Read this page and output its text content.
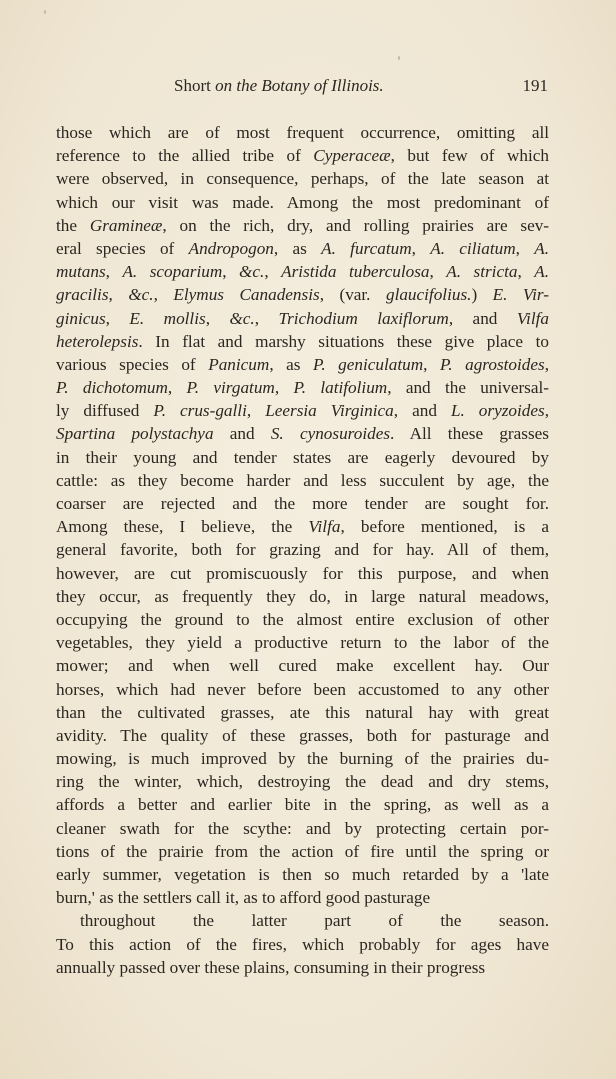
Short on the Botany of Illinois.	191
those which are of most frequent occurrence, omitting all
reference to the allied tribe of Cyperaceæ, but few of which
were observed, in consequence, perhaps, of the late season at
which our visit was made. Among the most predominant of
the Gramineæ, on the rich, dry, and rolling prairies are sev-
eral species of Andropogon, as A. furcatum, A. ciliatum, A.
mutans, A. scoparium, &c., Aristida tuberculosa, A. stricta, A.
gracilis, &c., Elymus Canadensis, (var. glaucifolius.) E. Vir-
ginicus, E. mollis, &c., Trichodium laxiflorum, and Vilfa
heterolepsis. In flat and marshy situations these give place to
various species of Panicum, as P. geniculatum, P. agrostoides,
P. dichotomum, P. virgatum, P. latifolium, and the universal-
ly diffused P. crus-galli, Leersia Virginica, and L. oryzoides,
Spartina polystachya and S. cynosuroides. All these grasses
in their young and tender states are eagerly devoured by
cattle: as they become harder and less succulent by age, the
coarser are rejected and the more tender are sought for.
Among these, I believe, the Vilfa, before mentioned, is a
general favorite, both for grazing and for hay. All of them,
however, are cut promiscuously for this purpose, and when
they occur, as frequently they do, in large natural meadows,
occupying the ground to the almost entire exclusion of other
vegetables, they yield a productive return to the labor of the
mower; and when well cured make excellent hay. Our
horses, which had never before been accustomed to any other
than the cultivated grasses, ate this natural hay with great
avidity. The quality of these grasses, both for pasturage and
mowing, is much improved by the burning of the prairies du-
ring the winter, which, destroying the dead and dry stems,
affords a better and earlier bite in the spring, as well as a
cleaner swath for the scythe: and by protecting certain por-
tions of the prairie from the action of fire until the spring or
early summer, vegetation is then so much retarded by a 'late
burn,' as the settlers call it, as to afford good pasturage
throughout the latter part of the season.
To this action of the fires, which probably for ages have
annually passed over these plains, consuming in their progress
